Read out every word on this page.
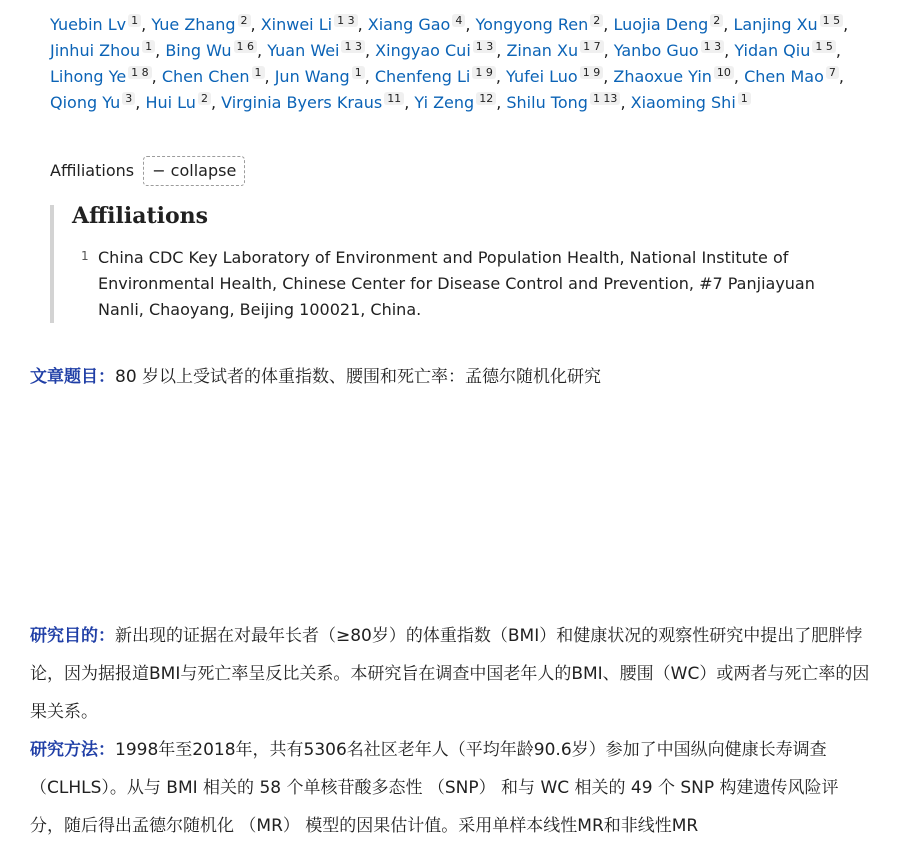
Yuebin Lv 1 , Yue Zhang 2 , Xinwei Li 1 3 , Xiang Gao 4 , Yongyong Ren 2 , Luojia Deng 2 , Lanjing Xu 1 5 , Jinhui Zhou 1 , Bing Wu 1 6 , Yuan Wei 1 3 , Xingyao Cui 1 3 , Zinan Xu 1 7 , Yanbo Guo 1 3 , Yidan Qiu 1 5 , Lihong Ye 1 8 , Chen Chen 1 , Jun Wang 1 , Chenfeng Li 1 9 , Yufei Luo 1 9 , Zhaoxue Yin 10 , Chen Mao 7 , Qiong Yu 3 , Hui Lu 2 , Virginia Byers Kraus 11 , Yi Zeng 12 , Shilu Tong 1 13 , Xiaoming Shi 1
Affiliations − collapse
Affiliations
1 China CDC Key Laboratory of Environment and Population Health, National Institute of Environmental Health, Chinese Center for Disease Control and Prevention, #7 Panjiayuan Nanli, Chaoyang, Beijing 100021, China.
文章题目：80 岁以上受试者的体重指数、腰围和死亡率：孟德尔随机化研究
研究目的：新出现的证据在对最年长者（≥80岁）的体重指数（BMI）和健康状况的观察性研究中提出了肥胖悖论，因为据报道BMI与死亡率呈反比关系。本研究旨在调查中国老年人的BMI、腰围（WC）或两者与死亡率的因果关系。
研究方法：1998年至2018年，共有5306名社区老年人（平均年龄90.6岁）参加了中国纵向健康长寿调查（CLHLS）。从与 BMI 相关的 58 个单核苷酸多态性 （SNP） 和与 WC 相关的 49 个 SNP 构建遗传风险评分，随后得出孟德尔随机化 （MR） 模型的因果估计值。采用单样本线性MR和非线性MR
